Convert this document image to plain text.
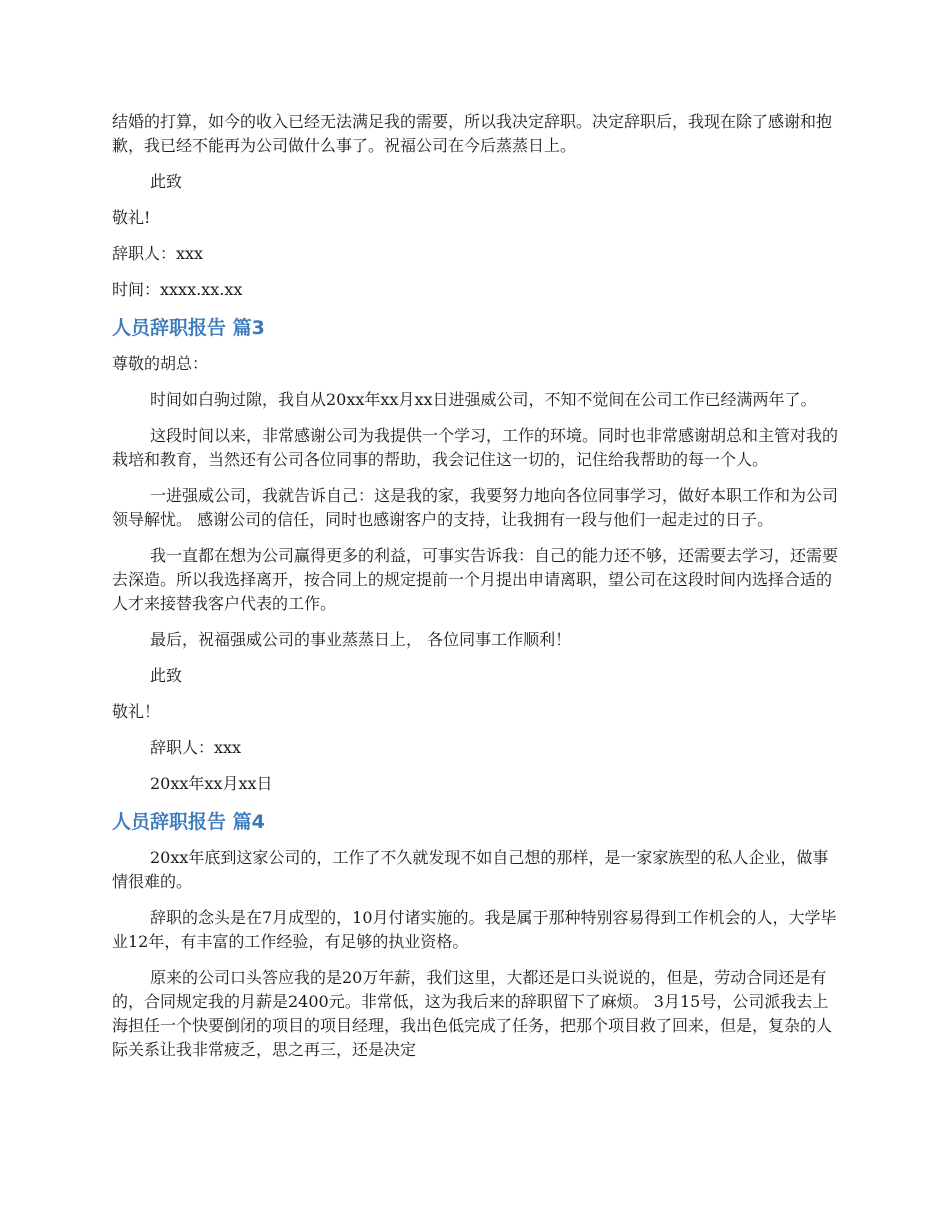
结婚的打算，如今的收入已经无法满足我的需要，所以我决定辞职。决定辞职后，我现在除了感谢和抱歉，我已经不能再为公司做什么事了。祝福公司在今后蒸蒸日上。

此致

敬礼!

辞职人：xxx

时间：xxxx.xx.xx

人员辞职报告 篇3

尊敬的胡总：

时间如白驹过隙，我自从20xx年xx月xx日进强威公司，不知不觉间在公司工作已经满两年了。

这段时间以来，非常感谢公司为我提供一个学习，工作的环境。同时也非常感谢胡总和主管对我的栽培和教育，当然还有公司各位同事的帮助，我会记住这一切的，记住给我帮助的每一个人。

一进强威公司，我就告诉自己：这是我的家，我要努力地向各位同事学习，做好本职工作和为公司领导解忧。 感谢公司的信任，同时也感谢客户的支持，让我拥有一段与他们一起走过的日子。

我一直都在想为公司赢得更多的利益，可事实告诉我：自己的能力还不够，还需要去学习，还需要去深造。所以我选择离开，按合同上的规定提前一个月提出申请离职，望公司在这段时间内选择合适的人才来接替我客户代表的工作。

最后，祝福强威公司的事业蒸蒸日上， 各位同事工作顺利！

此致

敬礼！

辞职人：xxx

20xx年xx月xx日

人员辞职报告 篇4

20xx年底到这家公司的，工作了不久就发现不如自己想的那样，是一家家族型的私人企业，做事情很难的。

辞职的念头是在7月成型的，10月付诸实施的。我是属于那种特别容易得到工作机会的人，大学毕业12年，有丰富的工作经验，有足够的执业资格。

原来的公司口头答应我的是20万年薪，我们这里，大都还是口头说说的，但是，劳动合同还是有的，合同规定我的月薪是2400元。非常低，这为我后来的辞职留下了麻烦。 3月15号，公司派我去上海担任一个快要倒闭的项目的项目经理，我出色低完成了任务，把那个项目救了回来，但是，复杂的人际关系让我非常疲乏，思之再三，还是决定
